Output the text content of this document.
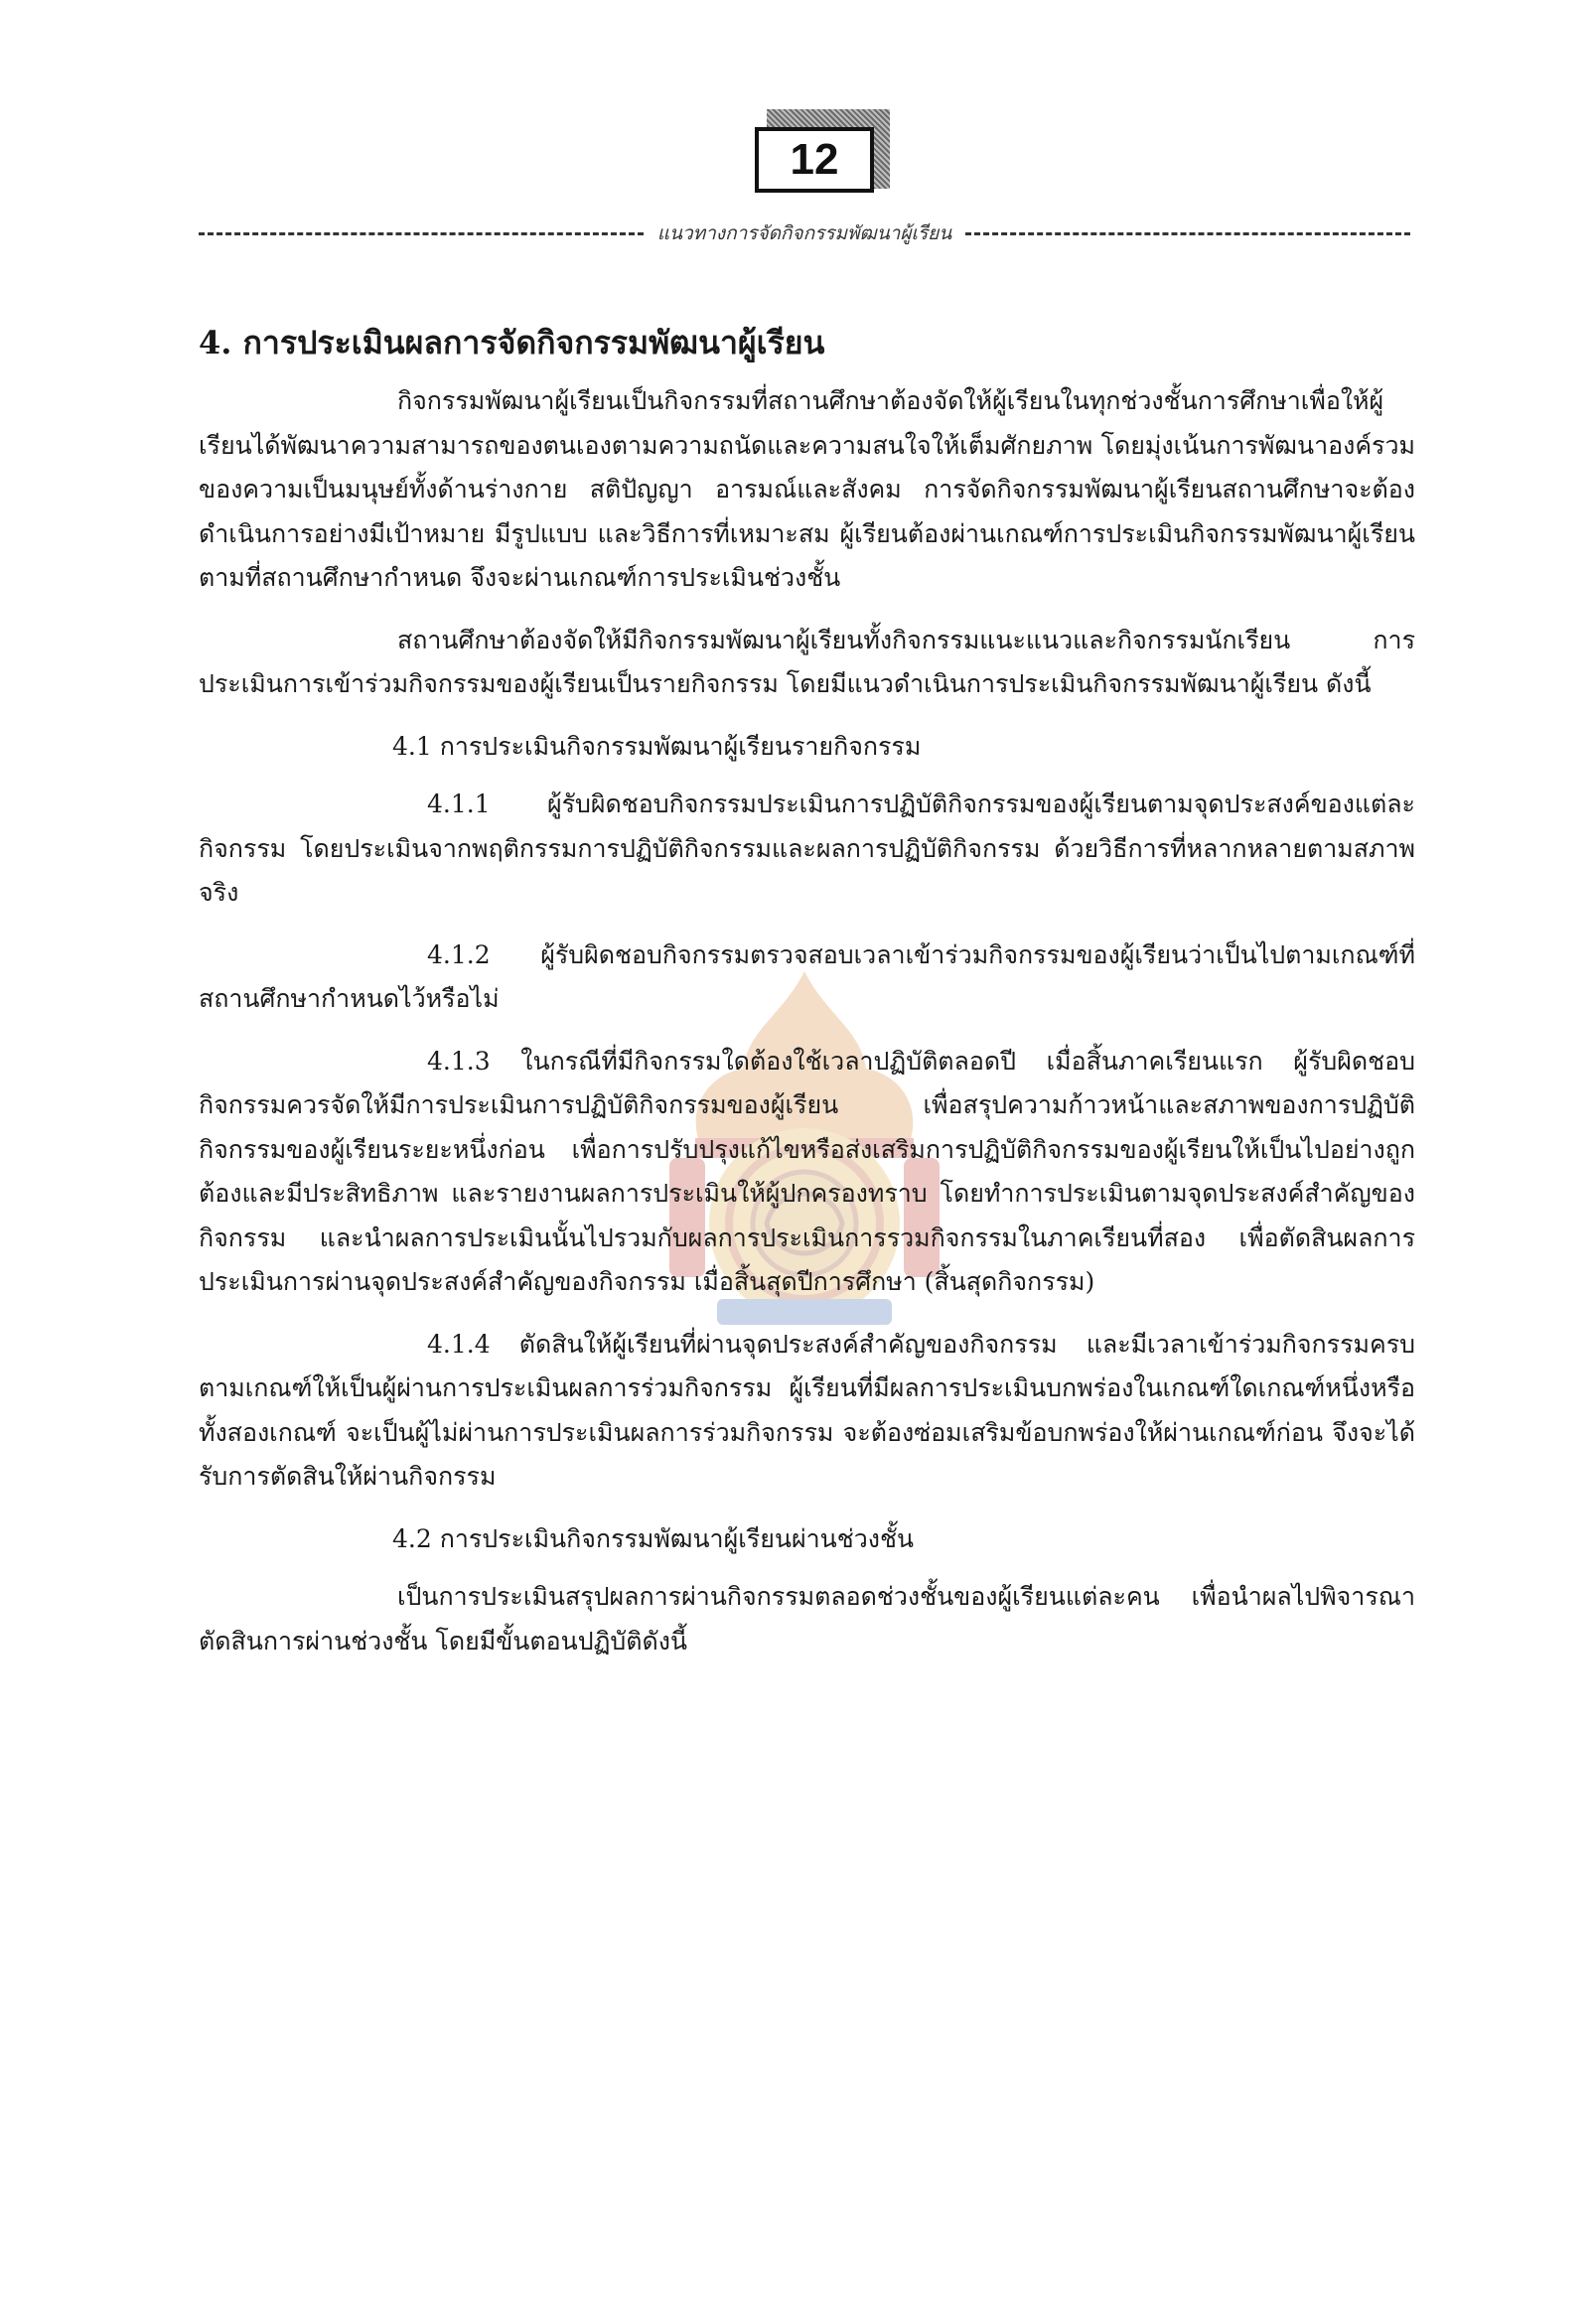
12
แนวทางการจัดกิจกรรมพัฒนาผู้เรียน
4. การประเมินผลการจัดกิจกรรมพัฒนาผู้เรียน

กิจกรรมพัฒนาผู้เรียนเป็นกิจกรรมที่สถานศึกษาต้องจัดให้ผู้เรียนในทุกช่วงชั้นการศึกษาเพื่อให้ผู้เรียนได้พัฒนาความสามารถของตนเองตามความถนัดและความสนใจให้เต็มศักยภาพ โดยมุ่งเน้นการพัฒนาองค์รวมของความเป็นมนุษย์ทั้งด้านร่างกาย สติปัญญา อารมณ์และสังคม การจัดกิจกรรมพัฒนาผู้เรียนสถานศึกษาจะต้องดำเนินการอย่างมีเป้าหมาย มีรูปแบบ และวิธีการที่เหมาะสม ผู้เรียนต้องผ่านเกณฑ์การประเมินกิจกรรมพัฒนาผู้เรียนตามที่สถานศึกษากำหนด จึงจะผ่านเกณฑ์การประเมินช่วงชั้น

สถานศึกษาต้องจัดให้มีกิจกรรมพัฒนาผู้เรียนทั้งกิจกรรมแนะแนวและกิจกรรมนักเรียน การประเมินการเข้าร่วมกิจกรรมของผู้เรียนเป็นรายกิจกรรม โดยมีแนวดำเนินการประเมินกิจกรรมพัฒนาผู้เรียน ดังนี้

4.1 การประเมินกิจกรรมพัฒนาผู้เรียนรายกิจกรรม

4.1.1 ผู้รับผิดชอบกิจกรรมประเมินการปฏิบัติกิจกรรมของผู้เรียนตามจุดประสงค์ของแต่ละกิจกรรม โดยประเมินจากพฤติกรรมการปฏิบัติกิจกรรมและผลการปฏิบัติกิจกรรม ด้วยวิธีการที่หลากหลายตามสภาพจริง

4.1.2 ผู้รับผิดชอบกิจกรรมตรวจสอบเวลาเข้าร่วมกิจกรรมของผู้เรียนว่าเป็นไปตามเกณฑ์ที่สถานศึกษากำหนดไว้หรือไม่

4.1.3 ในกรณีที่มีกิจกรรมใดต้องใช้เวลาปฏิบัติตลอดปี เมื่อสิ้นภาคเรียนแรก ผู้รับผิดชอบกิจกรรมควรจัดให้มีการประเมินการปฏิบัติกิจกรรมของผู้เรียน เพื่อสรุปความก้าวหน้าและสภาพของการปฏิบัติกิจกรรมของผู้เรียนระยะหนึ่งก่อน เพื่อการปรับปรุงแก้ไขหรือส่งเสริมการปฏิบัติกิจกรรมของผู้เรียนให้เป็นไปอย่างถูกต้องและมีประสิทธิภาพ และรายงานผลการประเมินให้ผู้ปกครองทราบ โดยทำการประเมินตามจุดประสงค์สำคัญของกิจกรรม และนำผลการประเมินนั้นไปรวมกับผลการประเมินการรวมกิจกรรมในภาคเรียนที่สอง เพื่อตัดสินผลการประเมินการผ่านจุดประสงค์สำคัญของกิจกรรม เมื่อสิ้นสุดปีการศึกษา (สิ้นสุดกิจกรรม)

4.1.4 ตัดสินให้ผู้เรียนที่ผ่านจุดประสงค์สำคัญของกิจกรรม และมีเวลาเข้าร่วมกิจกรรมครบตามเกณฑ์ให้เป็นผู้ผ่านการประเมินผลการร่วมกิจกรรม ผู้เรียนที่มีผลการประเมินบกพร่องในเกณฑ์ใดเกณฑ์หนึ่งหรือทั้งสองเกณฑ์ จะเป็นผู้ไม่ผ่านการประเมินผลการร่วมกิจกรรม จะต้องซ่อมเสริมข้อบกพร่องให้ผ่านเกณฑ์ก่อน จึงจะได้รับการตัดสินให้ผ่านกิจกรรม

4.2 การประเมินกิจกรรมพัฒนาผู้เรียนผ่านช่วงชั้น

เป็นการประเมินสรุปผลการผ่านกิจกรรมตลอดช่วงชั้นของผู้เรียนแต่ละคน เพื่อนำผลไปพิจารณาตัดสินการผ่านช่วงชั้น โดยมีขั้นตอนปฏิบัติดังนี้
